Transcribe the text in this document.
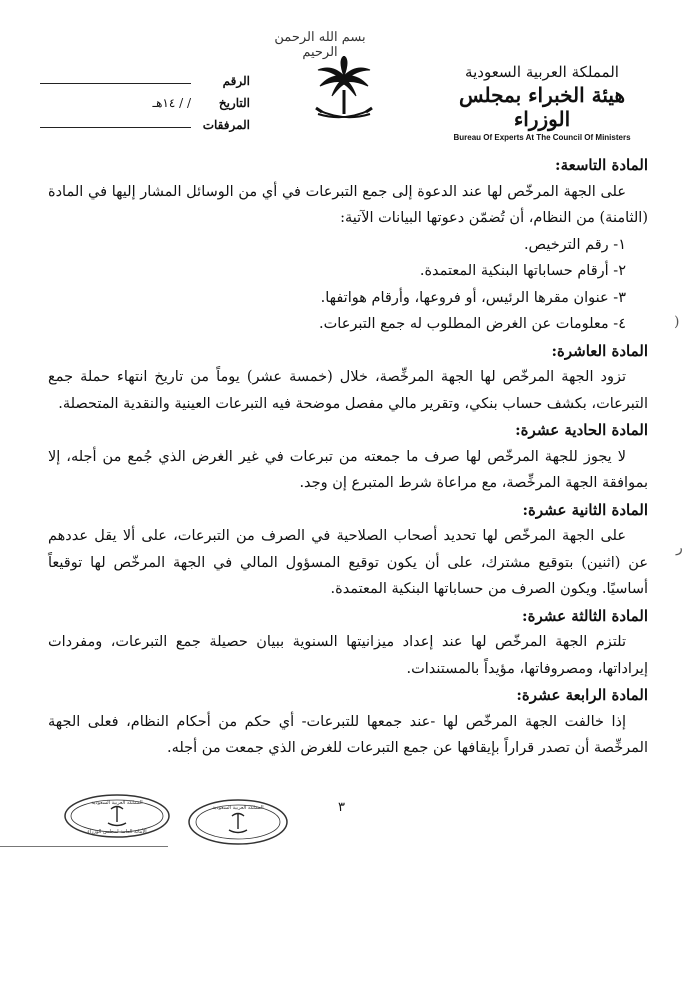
بسم الله الرحمن الرحيم
المملكة العربية السعودية
هيئة الخبراء بمجلس الوزراء
Bureau Of Experts At The Council Of Ministers
الرقم
التاريخ
/ / ١٤هـ
المرفقات
المادة التاسعة:

على الجهة المرخّص لها عند الدعوة إلى جمع التبرعات في أي من الوسائل المشار إليها في المادة (الثامنة) من النظام، أن تُضمّن دعوتها البيانات الآتية:

١- رقم الترخيص.
٢- أرقام حساباتها البنكية المعتمدة.
٣- عنوان مقرها الرئيس، أو فروعها، وأرقام هواتفها.
٤- معلومات عن الغرض المطلوب له جمع التبرعات.
المادة العاشرة:

تزود الجهة المرخّص لها الجهة المرخِّصة، خلال (خمسة عشر) يوماً من تاريخ انتهاء حملة جمع التبرعات، بكشف حساب بنكي، وتقرير مالي مفصل موضحة فيه التبرعات العينية والنقدية المتحصلة.

المادة الحادية عشرة:

لا يجوز للجهة المرخّص لها صرف ما جمعته من تبرعات في غير الغرض الذي جُمع من أجله، إلا بموافقة الجهة المرخِّصة، مع مراعاة شرط المتبرع إن وجد.

المادة الثانية عشرة:

على الجهة المرخّص لها تحديد أصحاب الصلاحية في الصرف من التبرعات، على ألا يقل عددهم عن (اثنين) بتوقيع مشترك، على أن يكون توقيع المسؤول المالي في الجهة المرخّص لها توقيعاً أساسيًا. ويكون الصرف من حساباتها البنكية المعتمدة.

المادة الثالثة عشرة:

تلتزم الجهة المرخّص لها عند إعداد ميزانيتها السنوية ببيان حصيلة جمع التبرعات، ومفردات إيراداتها، ومصروفاتها، مؤيداً بالمستندات.

المادة الرابعة عشرة:

إذا خالفت الجهة المرخّص لها -عند جمعها للتبرعات- أي حكم من أحكام النظام، فعلى الجهة المرخِّصة أن تصدر قراراً بإيقافها عن جمع التبرعات للغرض الذي جمعت من أجله.

٣
المملكة العربية السعودية
الأمانة العامة لمجلس الوزراء
المملكة العربية السعودية
)
ر
